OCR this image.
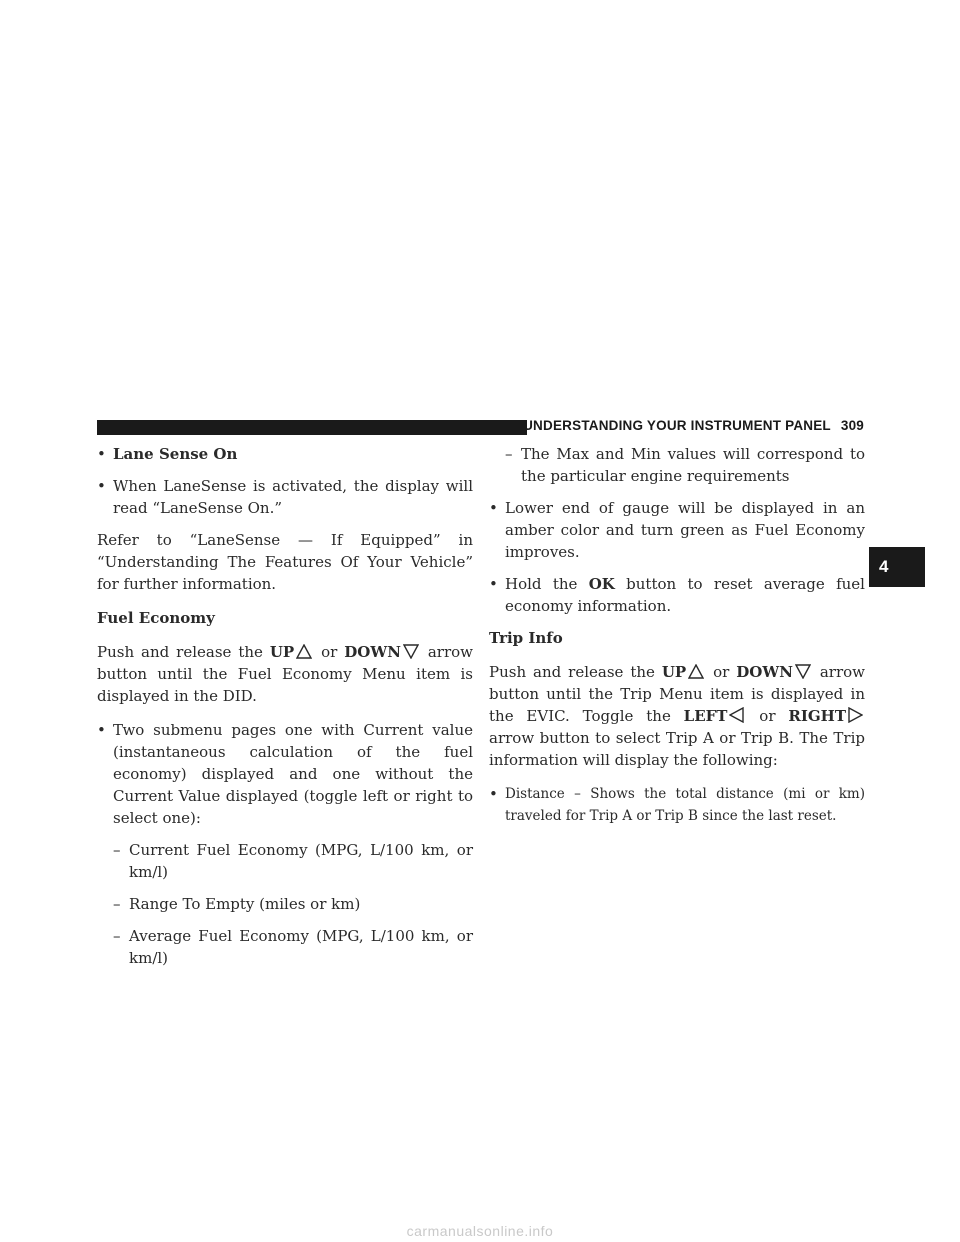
UNDERSTANDING YOUR INSTRUMENT PANEL 309
4
• Lane Sense On
• When LaneSense is activated, the display will read “LaneSense On.”

Refer to “LaneSense — If Equipped” in “Understanding The Features Of Your Vehicle” for further information.

Fuel Economy

Push and release the UP or DOWN arrow button until the Fuel Economy Menu item is displayed in the DID.

• Two submenu pages one with Current value (instantaneous calculation of the fuel economy) displayed and one without the Current Value displayed (toggle left or right to select one):
– Current Fuel Economy (MPG, L/100 km, or km/l)
– Range To Empty (miles or km)
– Average Fuel Economy (MPG, L/100 km, or km/l)
– The Max and Min values will correspond to the particular engine requirements
• Lower end of gauge will be displayed in an amber color and turn green as Fuel Economy improves.
• Hold the OK button to reset average fuel economy information.
Trip Info

Push and release the UP or DOWN arrow button until the Trip Menu item is displayed in the EVIC. Toggle the LEFT or RIGHT arrow button to select Trip A or Trip B. The Trip information will display the following:

• Distance – Shows the total distance (mi or km) traveled for Trip A or Trip B since the last reset.
carmanualsonline.info
